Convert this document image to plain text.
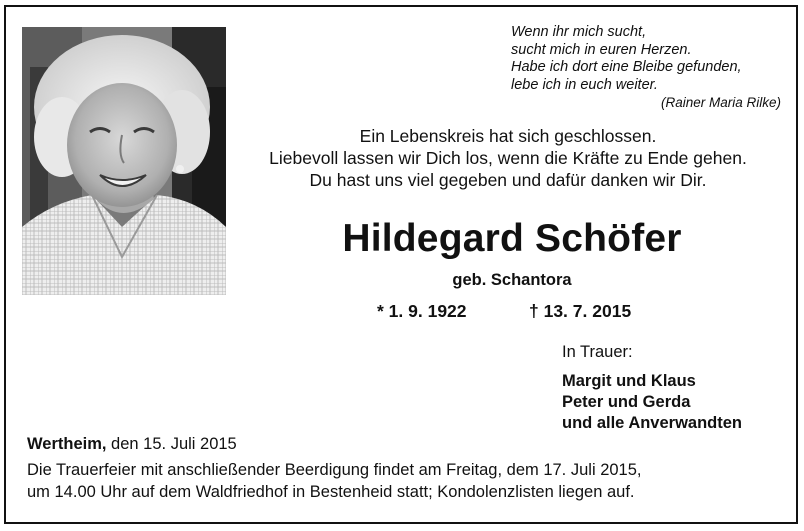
Wenn ihr mich sucht,
sucht mich in euren Herzen.
Habe ich dort eine Bleibe gefunden,
lebe ich in euch weiter.
(Rainer Maria Rilke)
Ein Lebenskreis hat sich geschlossen.
Liebevoll lassen wir Dich los, wenn die Kräfte zu Ende gehen.
Du hast uns viel gegeben und dafür danken wir Dir.
Hildegard Schöfer
geb. Schantora
* 1. 9. 1922	† 13. 7. 2015
In Trauer:
Margit und Klaus
Peter und Gerda
und alle Anverwandten
Wertheim, den 15. Juli 2015
Die Trauerfeier mit anschließender Beerdigung findet am Freitag, dem 17. Juli 2015,
um 14.00 Uhr auf dem Waldfriedhof in Bestenheid statt; Kondolenzlisten liegen auf.
